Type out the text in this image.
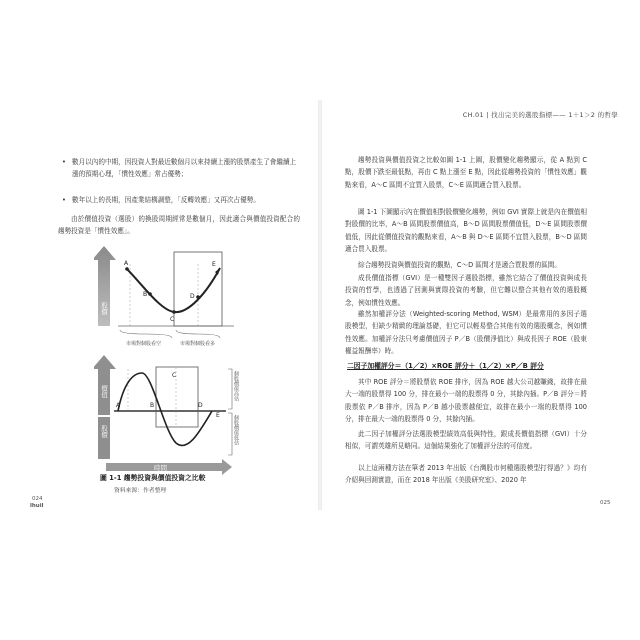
CH.01 | 找出完美的選股指標—— 1＋1＞2 的哲學
• 數月以內的中期，因投資人對最近數個月以來持續上漲的股票產生了會繼續上漲的預期心理，「慣性效應」常占優勢；

• 數年以上的長期，因產業結構調整，「反轉效應」又再次占優勢。

由於價值投資（選股）的換股周期經常是數個月，因此適合與價值投資配合的趨勢投資是「慣性效應」。

A
B
C
D
E
股價
市場對個股看空	市場對個股看多
價值
股價
A	B
C
D
E
個股價值高估
個股價值低估
時間
圖 1-1 趨勢投資與價值投資之比較
資料來源：作者整理
024
lhuil

趨勢投資與價值投資之比較如圖 1-1 上圖，股價變化趨勢顯示，從 A 點到 C 點，股價下跌至最低點，再由 C 點上漲至 E 點，因此從趨勢投資的「慣性效應」觀點來看，A～C 區間不宜買入股票，C～E 區間適合買入股票。

圖 1-1 下圖顯示內在價值相對股價變化趨勢，例如 GVI 實際上就是內在價值相對股價的比率，A～B 區間股票價值高，B～D 區間股票價值低，D～E 區間股票價值低，因此從價值投資的觀點來看，A～B 與 D～E 區間不宜買入股票，B～D 區間適合買入股票。

綜合趨勢投資與價值投資的觀點，C～D 區間才是適合買股票的區間。

成長價值指標（GVI）是一種雙因子選股指標，雖然它結合了價值投資與成長投資的哲學，也透過了回測與實際投資的考驗，但它難以整合其他有效的選股概念，例如慣性效應。

雖然加權評分法（Weighted-scoring Method, WSM）是最常用的多因子選股模型，但缺少精緻的理論基礎，但它可以輕易整合其他有效的選股概念，例如慣性效應。加權評分法只考慮價值因子 P／B（股價淨值比）與成長因子 ROE（股東權益報酬率）時。

二因子加權評分＝（1／2）×ROE 評分＋（1／2）×P／B 評分

其中 ROE 評分＝將股票依 ROE 排序，因為 ROE 越大公司越賺錢，故排在最大一端的股票得 100 分，排在最小一端的股票得 0 分，其餘內插。P／B 評分＝將股票依 P／B 排序，因為 P／B 越小股票越便宜，故排在最小一端的股票得 100 分，排在最大一端的股票得 0 分，其餘內插。

此二因子加權評分法選股模型績效高低與特性，跟成長價值指標（GVI）十分相似，可謂英雄所見略同。這個結果強化了加權評分法的可信度。

以上這兩種方法在筆者 2013 年出版《台灣股市何種選股模型打得過？》均有介紹與回測實證，而在 2018 年出版《美股研究室》、2020 年

025
